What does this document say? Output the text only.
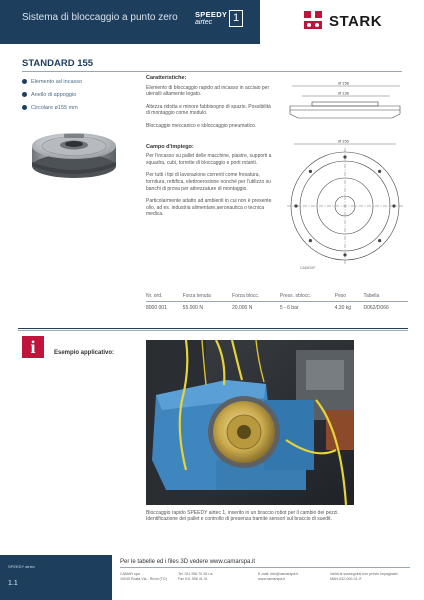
Sistema di bloccaggio a punto zero SPEEDY
airtec	1	STARK
STANDARD 155
Elemento ad incasso
Anello di appoggio
Circolare ø155 mm
Caratteristiche:

Elemento di bloccaggio rapido ad incasso in acciaio per utensili altamente legato.

Altezza ridotta e minore fabbisogno di spazio. Possibilità di montaggio come modulo.

Bloccaggio meccanico e sbloccaggio pneumatico.

Campo d'impiego:

Per l'incasso su pallet delle macchine, piastre, supporti a squadra, cubi, torrette di bloccaggio e porti rotanti.

Per tutti i tipi di lavorazione correnti come fresatura, tornitura, rettifica, elettroerosione nonché per l'utilizzo su banchi di prova per attrezzature di montaggio.

Particolarmente adatto ad ambienti in cui non è presente olio, ad es. industria alimentare,aeronautica o tecnica medica.

Ø 158
Ø 138
Ø 155
CAD/DXF
Nr. ord.	Forza tenuta	Forza blocc.	Press. sblocc.	Peso	Tabella
8000 001	55.000 N	20.000 N	5 - 6 bar	4,30 kg	D062/D066
i	Esempio applicativo:
Bloccaggio rapido SPEEDY airtec 1, inserito in un braccio robot per il cambio dei pezzi. Identificazione dei pallet e controllo di presenza tramite sensori sul braccio di suedit.
SPEEDY airtec
1.1
Per le tabelle ed i files 3D vedere www.camarspa.it
CAMAR spa
10040 Rosta Via - Rivoli (TO)
Tel. 011 956 70 28 r.a.
Fax 011 956 41 01
E-mail: info@camarspa.it
www.camarspa.it
Validi al susseguirsi non previo impaginato
MAN-032-000-01-IT
